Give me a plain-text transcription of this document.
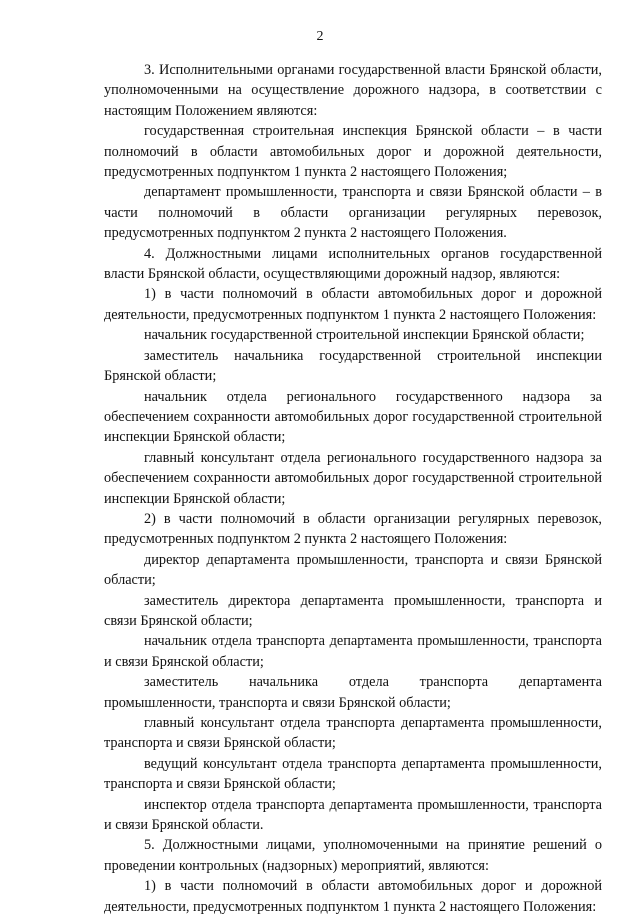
2

3. Исполнительными органами государственной власти Брянской области, уполномоченными на осуществление дорожного надзора, в соответствии с настоящим Положением являются:

государственная строительная инспекция Брянской области – в части полномочий в области автомобильных дорог и дорожной деятельности, предусмотренных подпунктом 1 пункта 2 настоящего Положения;

департамент промышленности, транспорта и связи Брянской области – в части полномочий в области организации регулярных перевозок, предусмотренных подпунктом 2 пункта 2 настоящего Положения.

4. Должностными лицами исполнительных органов государственной власти Брянской области, осуществляющими дорожный надзор, являются:

1) в части полномочий в области автомобильных дорог и дорожной деятельности, предусмотренных подпунктом 1 пункта 2 настоящего Положения:

начальник государственной строительной инспекции Брянской области;

заместитель начальника государственной строительной инспекции Брянской области;

начальник отдела регионального государственного надзора за обеспечением сохранности автомобильных дорог государственной строительной инспекции Брянской области;

главный консультант отдела регионального государственного надзора за обеспечением сохранности автомобильных дорог государственной строительной инспекции Брянской области;

2) в части полномочий в области организации регулярных перевозок, предусмотренных подпунктом 2 пункта 2 настоящего Положения:

директор департамента промышленности, транспорта и связи Брянской области;

заместитель директора департамента промышленности, транспорта и связи Брянской области;

начальник отдела транспорта департамента промышленности, транспорта и связи Брянской области;

заместитель начальника отдела транспорта департамента промышленности, транспорта и связи Брянской области;

главный консультант отдела транспорта департамента промышленности, транспорта и связи Брянской области;

ведущий консультант отдела транспорта департамента промышленности, транспорта и связи Брянской области;

инспектор отдела транспорта департамента промышленности, транспорта и связи Брянской области.

5. Должностными лицами, уполномоченными на принятие решений о проведении контрольных (надзорных) мероприятий, являются:

1) в части полномочий в области автомобильных дорог и дорожной деятельности, предусмотренных подпунктом 1 пункта 2 настоящего Положения:
